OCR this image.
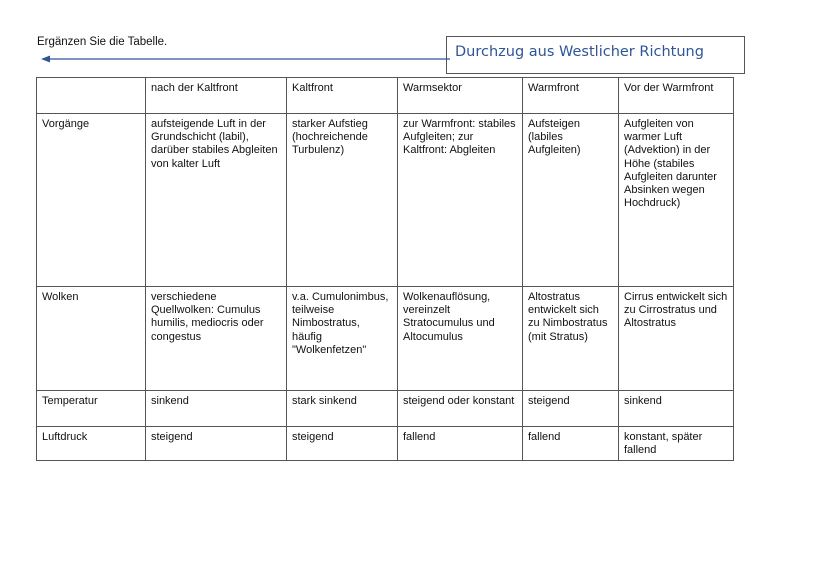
Ergänzen Sie die Tabelle.
Durchzug aus Westlicher Richtung
	nach der Kaltfront	Kaltfront	Warmsektor	Warmfront	Vor der Warmfront
Vorgänge	aufsteigende Luft in der Grundschicht (labil), darüber stabiles Abgleiten von kalter Luft	starker Aufstieg (hochreichende Turbulenz)	zur Warmfront: stabiles Aufgleiten; zur Kaltfront: Abgleiten	Aufsteigen (labiles Aufgleiten)	Aufgleiten von warmer Luft (Advektion) in der Höhe (stabiles Aufgleiten darunter Absinken wegen Hochdruck)
Wolken	verschiedene Quellwolken: Cumulus humilis, mediocris oder congestus	v.a. Cumulonimbus, teilweise Nimbostratus, häufig "Wolkenfetzen"	Wolkenauflösung, vereinzelt Stratocumulus und Altocumulus	Altostratus entwickelt sich zu Nimbostratus (mit Stratus)	Cirrus entwickelt sich zu Cirrostratus und Altostratus
Temperatur	sinkend	stark sinkend	steigend oder konstant	steigend	sinkend
Luftdruck	steigend	steigend	fallend	fallend	konstant, später fallend
